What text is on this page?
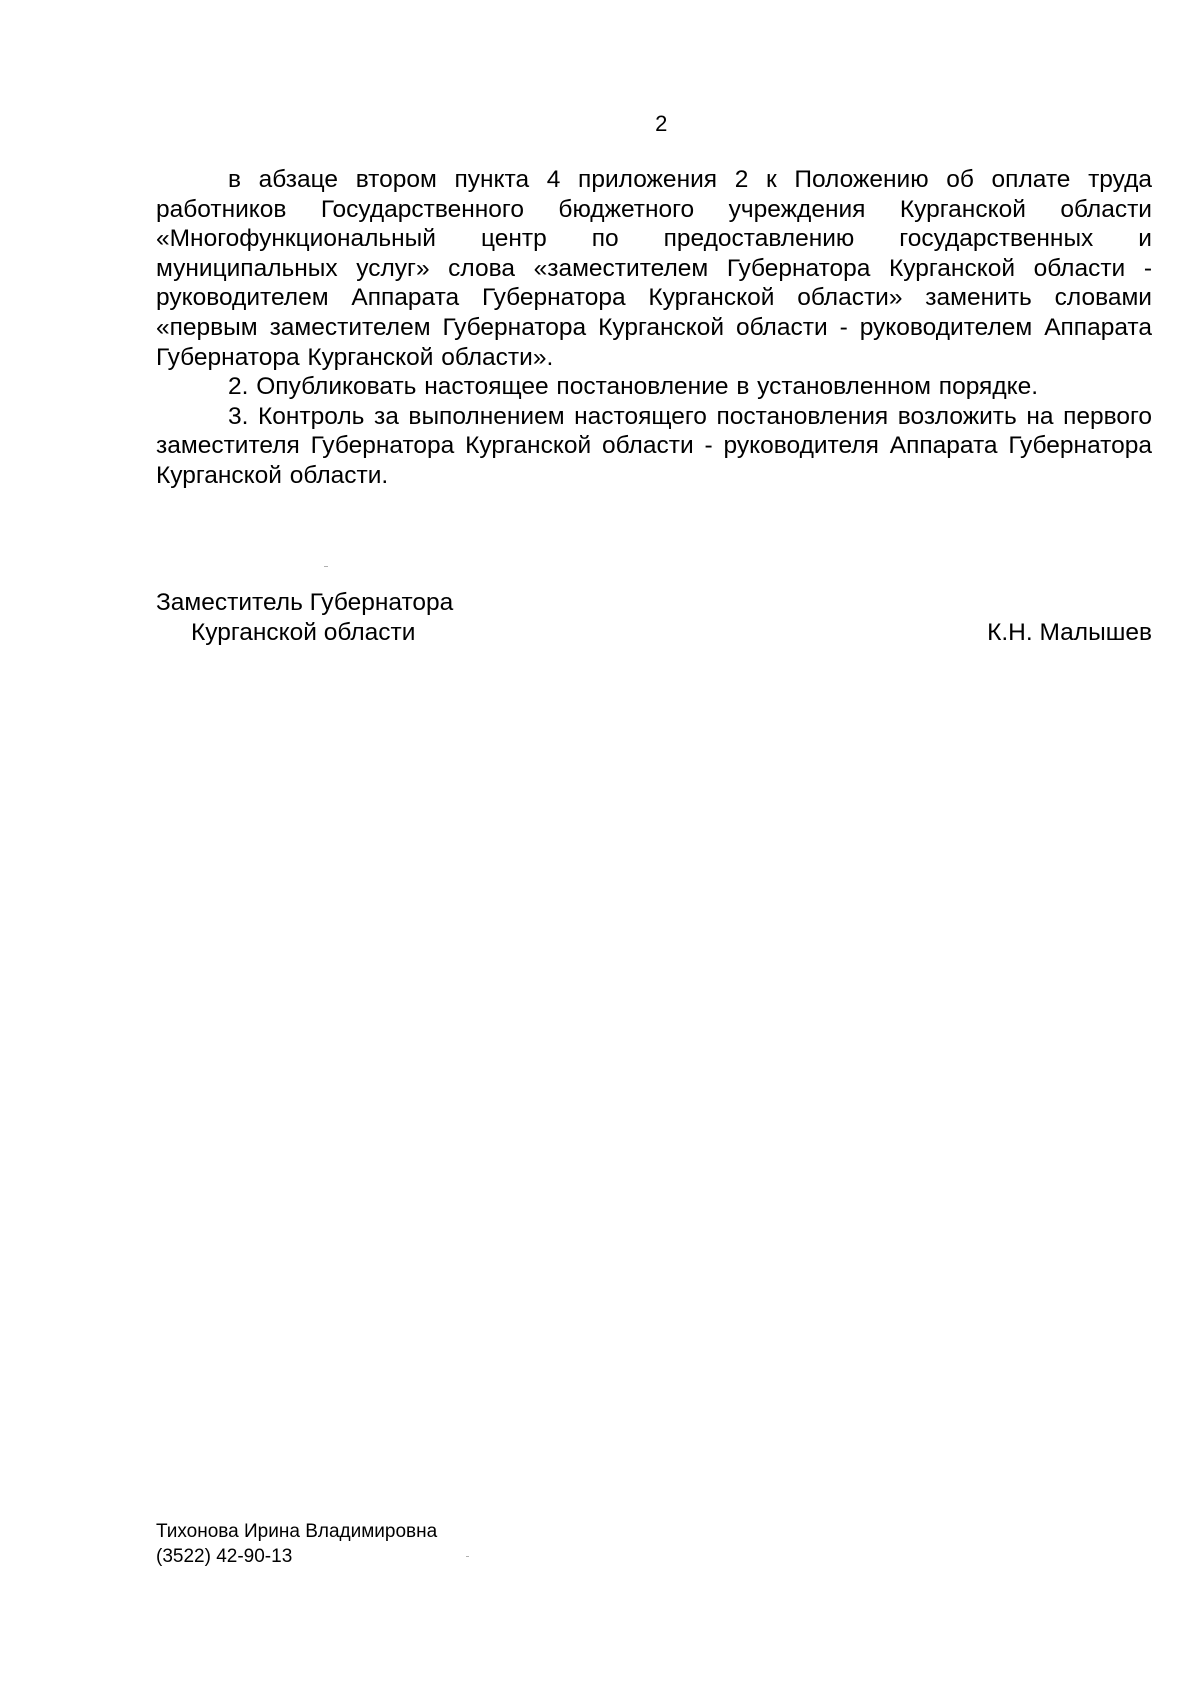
2

в абзаце втором пункта 4 приложения 2 к Положению об оплате труда работников Государственного бюджетного учреждения Курганской области «Многофункциональный центр по предоставлению государственных и муниципальных услуг» слова «заместителем Губернатора Курганской области - руководителем Аппарата Губернатора Курганской области» заменить словами «первым заместителем Губернатора Курганской области - руководителем Аппарата Губернатора Курганской области».

2. Опубликовать настоящее постановление в установленном порядке.

3. Контроль за выполнением настоящего постановления возложить на первого заместителя Губернатора Курганской области - руководителя Аппарата Губернатора Курганской области.

Заместитель Губернатора
Курганской области	К.Н. Малышев
Тихонова Ирина Владимировна
(3522) 42-90-13
